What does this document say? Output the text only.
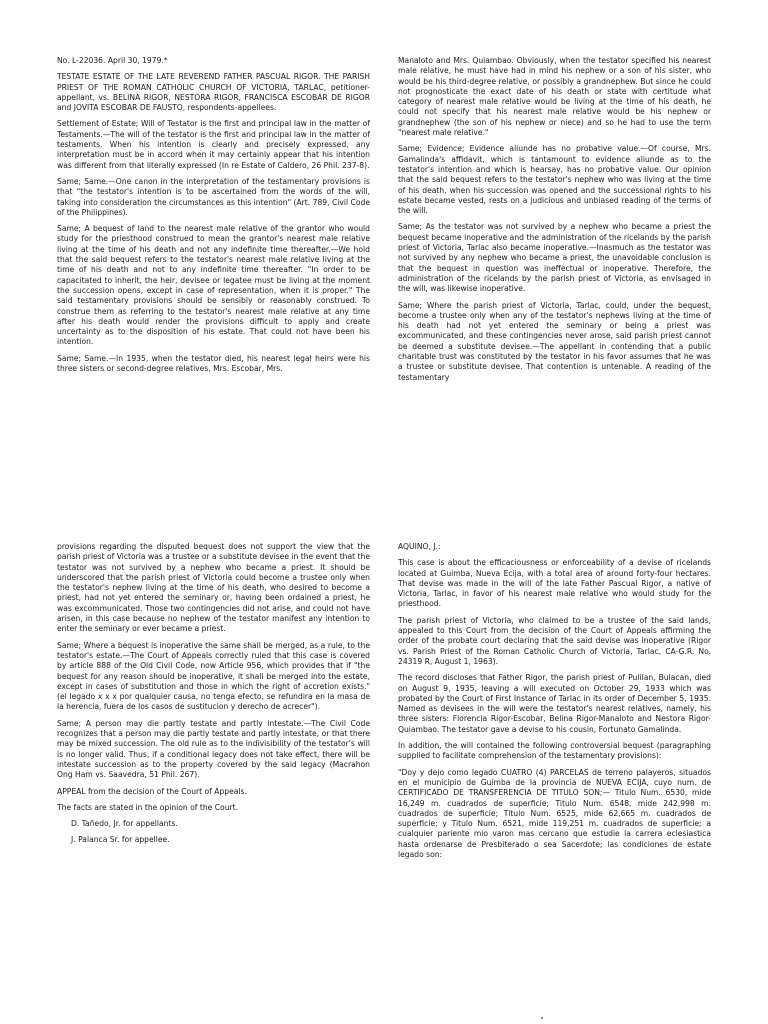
No. L-22036. April 30, 1979.*

TESTATE ESTATE OF THE LATE REVEREND FATHER PASCUAL RIGOR. THE PARISH PRIEST OF THE ROMAN CATHOLIC CHURCH OF VICTORIA, TARLAC, petitioner-appellant, vs. BELINA RIGOR, NESTORA RIGOR, FRANCISCA ESCOBAR DE RIGOR and JOVITA ESCOBAR DE FAUSTO, respondents-appellees.

Settlement of Estate; Will of Testator is the first and principal law in the matter of Testaments.—The will of the testator is the first and principal law in the matter of testaments. When his intention is clearly and precisely expressed, any interpretation must be in accord when it may certainly appear that his intention was different from that literally expressed (In re Estate of Caldero, 26 Phil. 237-8).

Same; Same.—One canon in the interpretation of the testamentary provisions is that "the testator's intention is to be ascertained from the words of the will, taking into consideration the circumstances as this intention" (Art. 789, Civil Code of the Philippines).

Same; A bequest of land to the nearest male relative of the grantor who would study for the priesthood construed to mean the grantor's nearest male relative living at the time of his death and not any indefinite time thereafter.—We hold that the said bequest refers to the testator's nearest male relative living at the time of his death and not to any indefinite time thereafter. "In order to be capacitated to inherit, the heir, devisee or legatee must be living at the moment the succession opens, except in case of representation, when it is proper." The said testamentary provisions should be sensibly or reasonably construed. To construe them as referring to the testator's nearest male relative at any time after his death would render the provisions difficult to apply and create uncertainty as to the disposition of his estate. That could not have been his intention.

Same; Same.—In 1935, when the testator died, his nearest legal heirs were his three sisters or second-degree relatives, Mrs. Escobar, Mrs.

Manaloto and Mrs. Quiambao. Obviously, when the testator specified his nearest male relative, he must have had in mind his nephew or a son of his sister, who would be his third-degree relative, or possibly a grandnephew. But since he could not prognosticate the exact date of his death or state with certitude what category of nearest male relative would be living at the time of his death, he could not specify that his nearest male relative would be his nephew or grandnephew (the son of his nephew or niece) and so he had to use the term "nearest male relative."

Same; Evidence; Evidence aliunde has no probative value.—Of course, Mrs. Gamalinda's affidavit, which is tantamount to evidence aliunde as to the testator's intention and which is hearsay, has no probative value. Our opinion that the said bequest refers to the testator's nephew who was living at the time of his death, when his succession was opened and the successional rights to his estate became vested, rests on a judicious and unbiased reading of the terms of the will.

Same; As the testator was not survived by a nephew who became a priest the bequest became inoperative and the administration of the ricelands by the parish priest of Victoria, Tarlac also became inoperative.—Inasmuch as the testator was not survived by any nephew who became a priest, the unavoidable conclusion is that the bequest in question was ineffectual or inoperative. Therefore, the administration of the ricelands by the parish priest of Victoria, as envisaged in the will, was likewise inoperative.

Same; Where the parish priest of Victoria, Tarlac, could, under the bequest, become a trustee only when any of the testator's nephews living at the time of his death had not yet entered the seminary or being a priest was excommunicated, and these contingencies never arose, said parish priest cannot be deemed a substitute devisee.—The appellant in contending that a public charitable trust was constituted by the testator in his favor assumes that he was a trustee or substitute devisee. That contention is untenable. A reading of the testamentary

provisions regarding the disputed bequest does not support the view that the parish priest of Victoria was a trustee or a substitute devisee in the event that the testator was not survived by a nephew who became a priest. It should be underscored that the parish priest of Victoria could become a trustee only when the testator's nephew living at the time of his death, who desired to become a priest, had not yet entered the seminary or, having been ordained a priest, he was excommunicated. Those two contingencies did not arise, and could not have arisen, in this case because no nephew of the testator manifest any intention to enter the seminary or ever became a priest.

Same; Where a bequest is inoperative the same shall be merged, as a rule, to the testator's estate.—The Court of Appeals correctly ruled that this case is covered by article 888 of the Old Civil Code, now Article 956, which provides that if "the bequest for any reason should be inoperative, it shall be merged into the estate, except in cases of substitution and those in which the right of accretion exists." (el legado x x x por qualquier causa, no tenga efecto, se refundira en la masa de la herencia, fuera de los casos de sustitucion y derecho de acrecer").

Same; A person may die partly testate and partly intestate.—The Civil Code recognizes that a person may die partly testate and partly intestate, or that there may be mixed succession. The old rule as to the indivisibility of the testator's will is no longer valid. Thus, if a conditional legacy does not take effect, there will be intestate succession as to the property covered by the said legacy (Macrahon Ong Ham vs. Saavedra, 51 Phil. 267).

APPEAL from the decision of the Court of Appeals.

The facts are stated in the opinion of the Court.

D. Tañedo, Jr. for appellants.

J. Palanca Sr. for appellee.

AQUINO, J.:

This case is about the efficaciousness or enforceability of a devise of ricelands located at Guimba, Nueva Ecija, with a total area of around forty-four hectares. That devise was made in the will of the late Father Pascual Rigor, a native of Victoria, Tarlac, in favor of his nearest male relative who would study for the priesthood.

The parish priest of Victoria, who claimed to be a trustee of the said lands, appealed to this Court from the decision of the Court of Appeals affirming the order of the probate court declaring that the said devise was inoperative (Rigor vs. Parish Priest of the Roman Catholic Church of Victoria, Tarlac, CA-G.R. No. 24319 R, August 1, 1963).

The record discloses that Father Rigor, the parish priest of Pulilan, Bulacan, died on August 9, 1935, leaving a will executed on October 29, 1933 which was probated by the Court of First Instance of Tarlac in its order of December 5, 1935. Named as devisees in the will were the testator's nearest relatives, namely, his three sisters: Florencia Rigor-Escobar, Belina Rigor-Manaloto and Nestora Rigor-Quiambao. The testator gave a devise to his cousin, Fortunato Gamalinda.

In addition, the will contained the following controversial bequest (paragraphing supplied to facilitate comprehension of the testamentary provisions):

"Doy y dejo como legado CUATRO (4) PARCELAS de terreno palayeros, situados en el municipio de Guimba de la provincia de NUEVA ECIJA, cuyo num. de CERTIFICADO DE TRANSFERENCIA DE TITULO SON;— Titulo Num. 6530, mide 16,249 m. cuadrados de superficie; Titulo Num. 6548, mide 242,998 m. cuadrados de superficie; Titulo Num. 6525, mide 62,665 m. cuadrados de superficie; y Titulo Num. 6521, mide 119,251 m. cuadrados de superficie; a cualquier pariente mio varon mas cercano que estudie la carrera eclesiastica hasta ordenarse de Presbiterado o sea Sacerdote; las condiciones de estate legado son:
